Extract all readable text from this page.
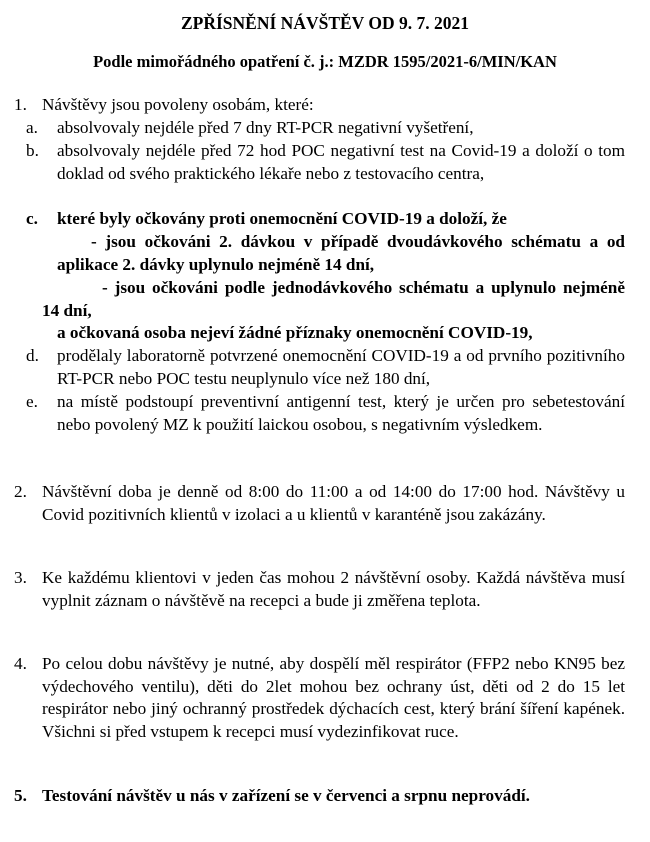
ZPŘÍSNĚNÍ NÁVŠTĚV OD 9. 7. 2021
Podle mimořádného opatření č. j.: MZDR 1595/2021-6/MIN/KAN
1. Návštěvy jsou povoleny osobám, které:

a. absolvovaly nejdéle před 7 dny RT-PCR negativní vyšetření,

b. absolvovaly nejdéle před 72 hod POC negativní test na Covid-19 a doloží o tom doklad od svého praktického lékaře nebo z testovacího centra,

c. které byly očkovány proti onemocnění COVID-19 a doloží, že

- jsou očkováni 2. dávkou v případě dvoudávkového schématu a od aplikace 2. dávky uplynulo nejméně 14 dní,

- jsou očkováni podle jednodávkového schématu a uplynulo nejméně 14 dní,

a očkovaná osoba nejeví žádné příznaky onemocnění COVID-19,

d. prodělaly laboratorně potvrzené onemocnění COVID-19 a od prvního pozitivního RT-PCR nebo POC testu neuplynulo více než 180 dní,

e. na místě podstoupí preventivní antigenní test, který je určen pro sebetestování nebo povolený MZ k použití laickou osobou, s negativním výsledkem.

2. Návštěvní doba je denně od 8:00 do 11:00 a od 14:00 do 17:00 hod. Návštěvy u Covid pozitivních klientů v izolaci a u klientů v karanténě jsou zakázány.

3. Ke každému klientovi v jeden čas mohou 2 návštěvní osoby. Každá návštěva musí vyplnit záznam o návštěvě na recepci a bude ji změřena teplota.

4. Po celou dobu návštěvy je nutné, aby dospělí měl respirátor (FFP2 nebo KN95 bez výdechového ventilu), děti do 2let mohou bez ochrany úst, děti od 2 do 15 let respirátor nebo jiný ochranný prostředek dýchacích cest, který brání šíření kapének. Všichni si před vstupem k recepci musí vydezinfikovat ruce.

5. Testování návštěv u nás v zařízení se v červenci a srpnu neprovádí.
